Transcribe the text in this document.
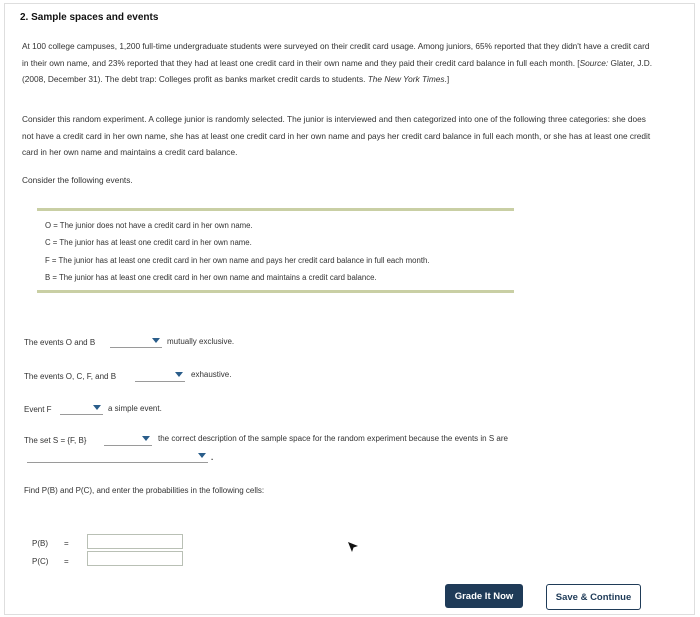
2. Sample spaces and events
At 100 college campuses, 1,200 full-time undergraduate students were surveyed on their credit card usage. Among juniors, 65% reported that they didn't have a credit card in their own name, and 23% reported that they had at least one credit card in their own name and they paid their credit card balance in full each month. [Source: Glater, J.D. (2008, December 31). The debt trap: Colleges profit as banks market credit cards to students. The New York Times.]
Consider this random experiment. A college junior is randomly selected. The junior is interviewed and then categorized into one of the following three categories: she does not have a credit card in her own name, she has at least one credit card in her own name and pays her credit card balance in full each month, or she has at least one credit card in her own name and maintains a credit card balance.
Consider the following events.
O = The junior does not have a credit card in her own name.
C = The junior has at least one credit card in her own name.
F = The junior has at least one credit card in her own name and pays her credit card balance in full each month.
B = The junior has at least one credit card in her own name and maintains a credit card balance.
The events O and B	mutually exclusive.
The events O, C, F, and B	exhaustive.
Event F	a simple event.
The set S = {F, B}	the correct description of the sample space for the random experiment because the events in S are
.
Find P(B) and P(C), and enter the probabilities in the following cells:
P(B) =
P(C) =
Grade It Now	Save & Continue
